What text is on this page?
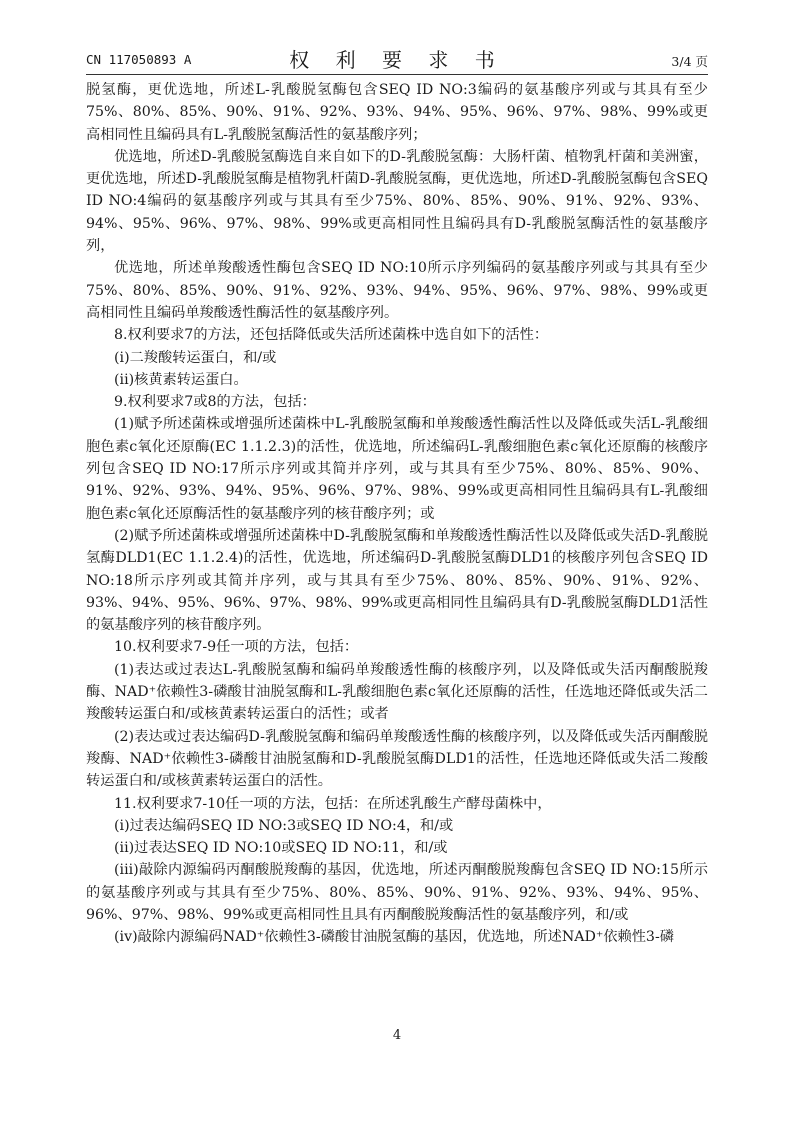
CN 117050893 A	权 利 要 求 书	3/4 页

脱氢酶，更优选地，所述L-乳酸脱氢酶包含SEQ ID NO:3编码的氨基酸序列或与其具有至少75%、80%、85%、90%、91%、92%、93%、94%、95%、96%、97%、98%、99%或更高相同性且编码具有L-乳酸脱氢酶活性的氨基酸序列；

优选地，所述D-乳酸脱氢酶选自来自如下的D-乳酸脱氢酶：大肠杆菌、植物乳杆菌和美洲蜜，更优选地，所述D-乳酸脱氢酶是植物乳杆菌D-乳酸脱氢酶，更优选地，所述D-乳酸脱氢酶包含SEQ ID NO:4编码的氨基酸序列或与其具有至少75%、80%、85%、90%、91%、92%、93%、94%、95%、96%、97%、98%、99%或更高相同性且编码具有D-乳酸脱氢酶活性的氨基酸序列，

优选地，所述单羧酸透性酶包含SEQ ID NO:10所示序列编码的氨基酸序列或与其具有至少75%、80%、85%、90%、91%、92%、93%、94%、95%、96%、97%、98%、99%或更高相同性且编码单羧酸透性酶活性的氨基酸序列。

8.权利要求7的方法，还包括降低或失活所述菌株中选自如下的活性：

(i)二羧酸转运蛋白，和/或

(ii)核黄素转运蛋白。

9.权利要求7或8的方法，包括：

(1)赋予所述菌株或增强所述菌株中L-乳酸脱氢酶和单羧酸透性酶活性以及降低或失活L-乳酸细胞色素c氧化还原酶(EC 1.1.2.3)的活性，优选地，所述编码L-乳酸细胞色素c氧化还原酶的核酸序列包含SEQ ID NO:17所示序列或其简并序列，或与其具有至少75%、80%、85%、90%、91%、92%、93%、94%、95%、96%、97%、98%、99%或更高相同性且编码具有L-乳酸细胞色素c氧化还原酶活性的氨基酸序列的核苷酸序列；或

(2)赋予所述菌株或增强所述菌株中D-乳酸脱氢酶和单羧酸透性酶活性以及降低或失活D-乳酸脱氢酶DLD1(EC 1.1.2.4)的活性，优选地，所述编码D-乳酸脱氢酶DLD1的核酸序列包含SEQ ID NO:18所示序列或其简并序列，或与其具有至少75%、80%、85%、90%、91%、92%、93%、94%、95%、96%、97%、98%、99%或更高相同性且编码具有D-乳酸脱氢酶DLD1活性的氨基酸序列的核苷酸序列。

10.权利要求7-9任一项的方法，包括：

(1)表达或过表达L-乳酸脱氢酶和编码单羧酸透性酶的核酸序列，以及降低或失活丙酮酸脱羧酶、NAD⁺依赖性3-磷酸甘油脱氢酶和L-乳酸细胞色素c氧化还原酶的活性，任选地还降低或失活二羧酸转运蛋白和/或核黄素转运蛋白的活性；或者

(2)表达或过表达编码D-乳酸脱氢酶和编码单羧酸透性酶的核酸序列，以及降低或失活丙酮酸脱羧酶、NAD⁺依赖性3-磷酸甘油脱氢酶和D-乳酸脱氢酶DLD1的活性，任选地还降低或失活二羧酸转运蛋白和/或核黄素转运蛋白的活性。

11.权利要求7-10任一项的方法，包括：在所述乳酸生产酵母菌株中，

(i)过表达编码SEQ ID NO:3或SEQ ID NO:4，和/或

(ii)过表达SEQ ID NO:10或SEQ ID NO:11，和/或

(iii)敲除内源编码丙酮酸脱羧酶的基因，优选地，所述丙酮酸脱羧酶包含SEQ ID NO:15所示的氨基酸序列或与其具有至少75%、80%、85%、90%、91%、92%、93%、94%、95%、96%、97%、98%、99%或更高相同性且具有丙酮酸脱羧酶活性的氨基酸序列，和/或

(iv)敲除内源编码NAD⁺依赖性3-磷酸甘油脱氢酶的基因，优选地，所述NAD⁺依赖性3-磷

4
